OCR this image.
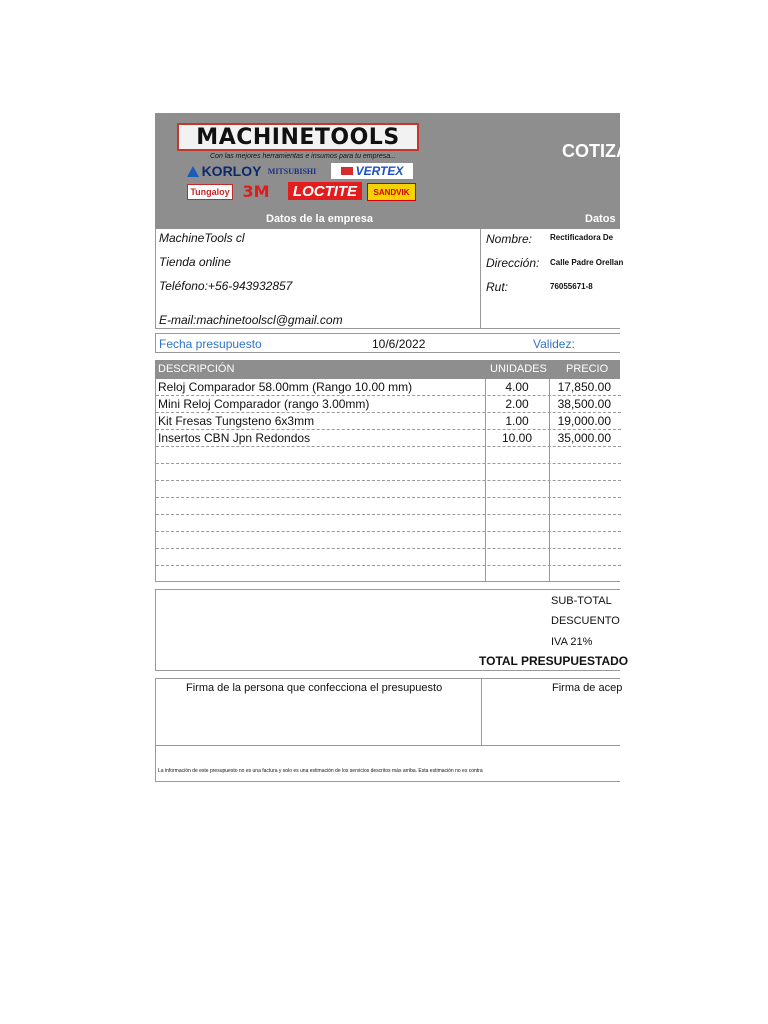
MACHINETOOLS
Con las mejores herramientas e insumos para tu empresa...
KORLOY MITSUBISHI	VERTEX
Tungaloy 3M LOCTITE SANDVIK
COTIZA
Datos de la empresa	Datos
MachineTools cl
Tienda online
Teléfono:+56-943932857
E-mail:machinetoolscl@gmail.com
Nombre: Rectificadora De
Dirección: Calle Padre Orellan
Rut:	76055671-8
Fecha presupuesto	10/6/2022	Validez:
DESCRIPCIÓN	UNIDADES PRECIO
Reloj Comparador 58.00mm (Rango 10.00 mm)	4.00	17,850.00
Mini Reloj Comparador (rango 3.00mm)	2.00	38,500.00
Kit Fresas Tungsteno 6x3mm	1.00	19,000.00
Insertos CBN Jpn Redondos	10.00	35,000.00
SUB-TOTAL
DESCUENTO
IVA 21%
TOTAL PRESUPUESTADO
Firma de la persona que confecciona el presupuesto	Firma de acep
La información de este presupuesto no es una factura y solo es una estimación de los servicios descritos más arriba. Esta estimación no es contra
